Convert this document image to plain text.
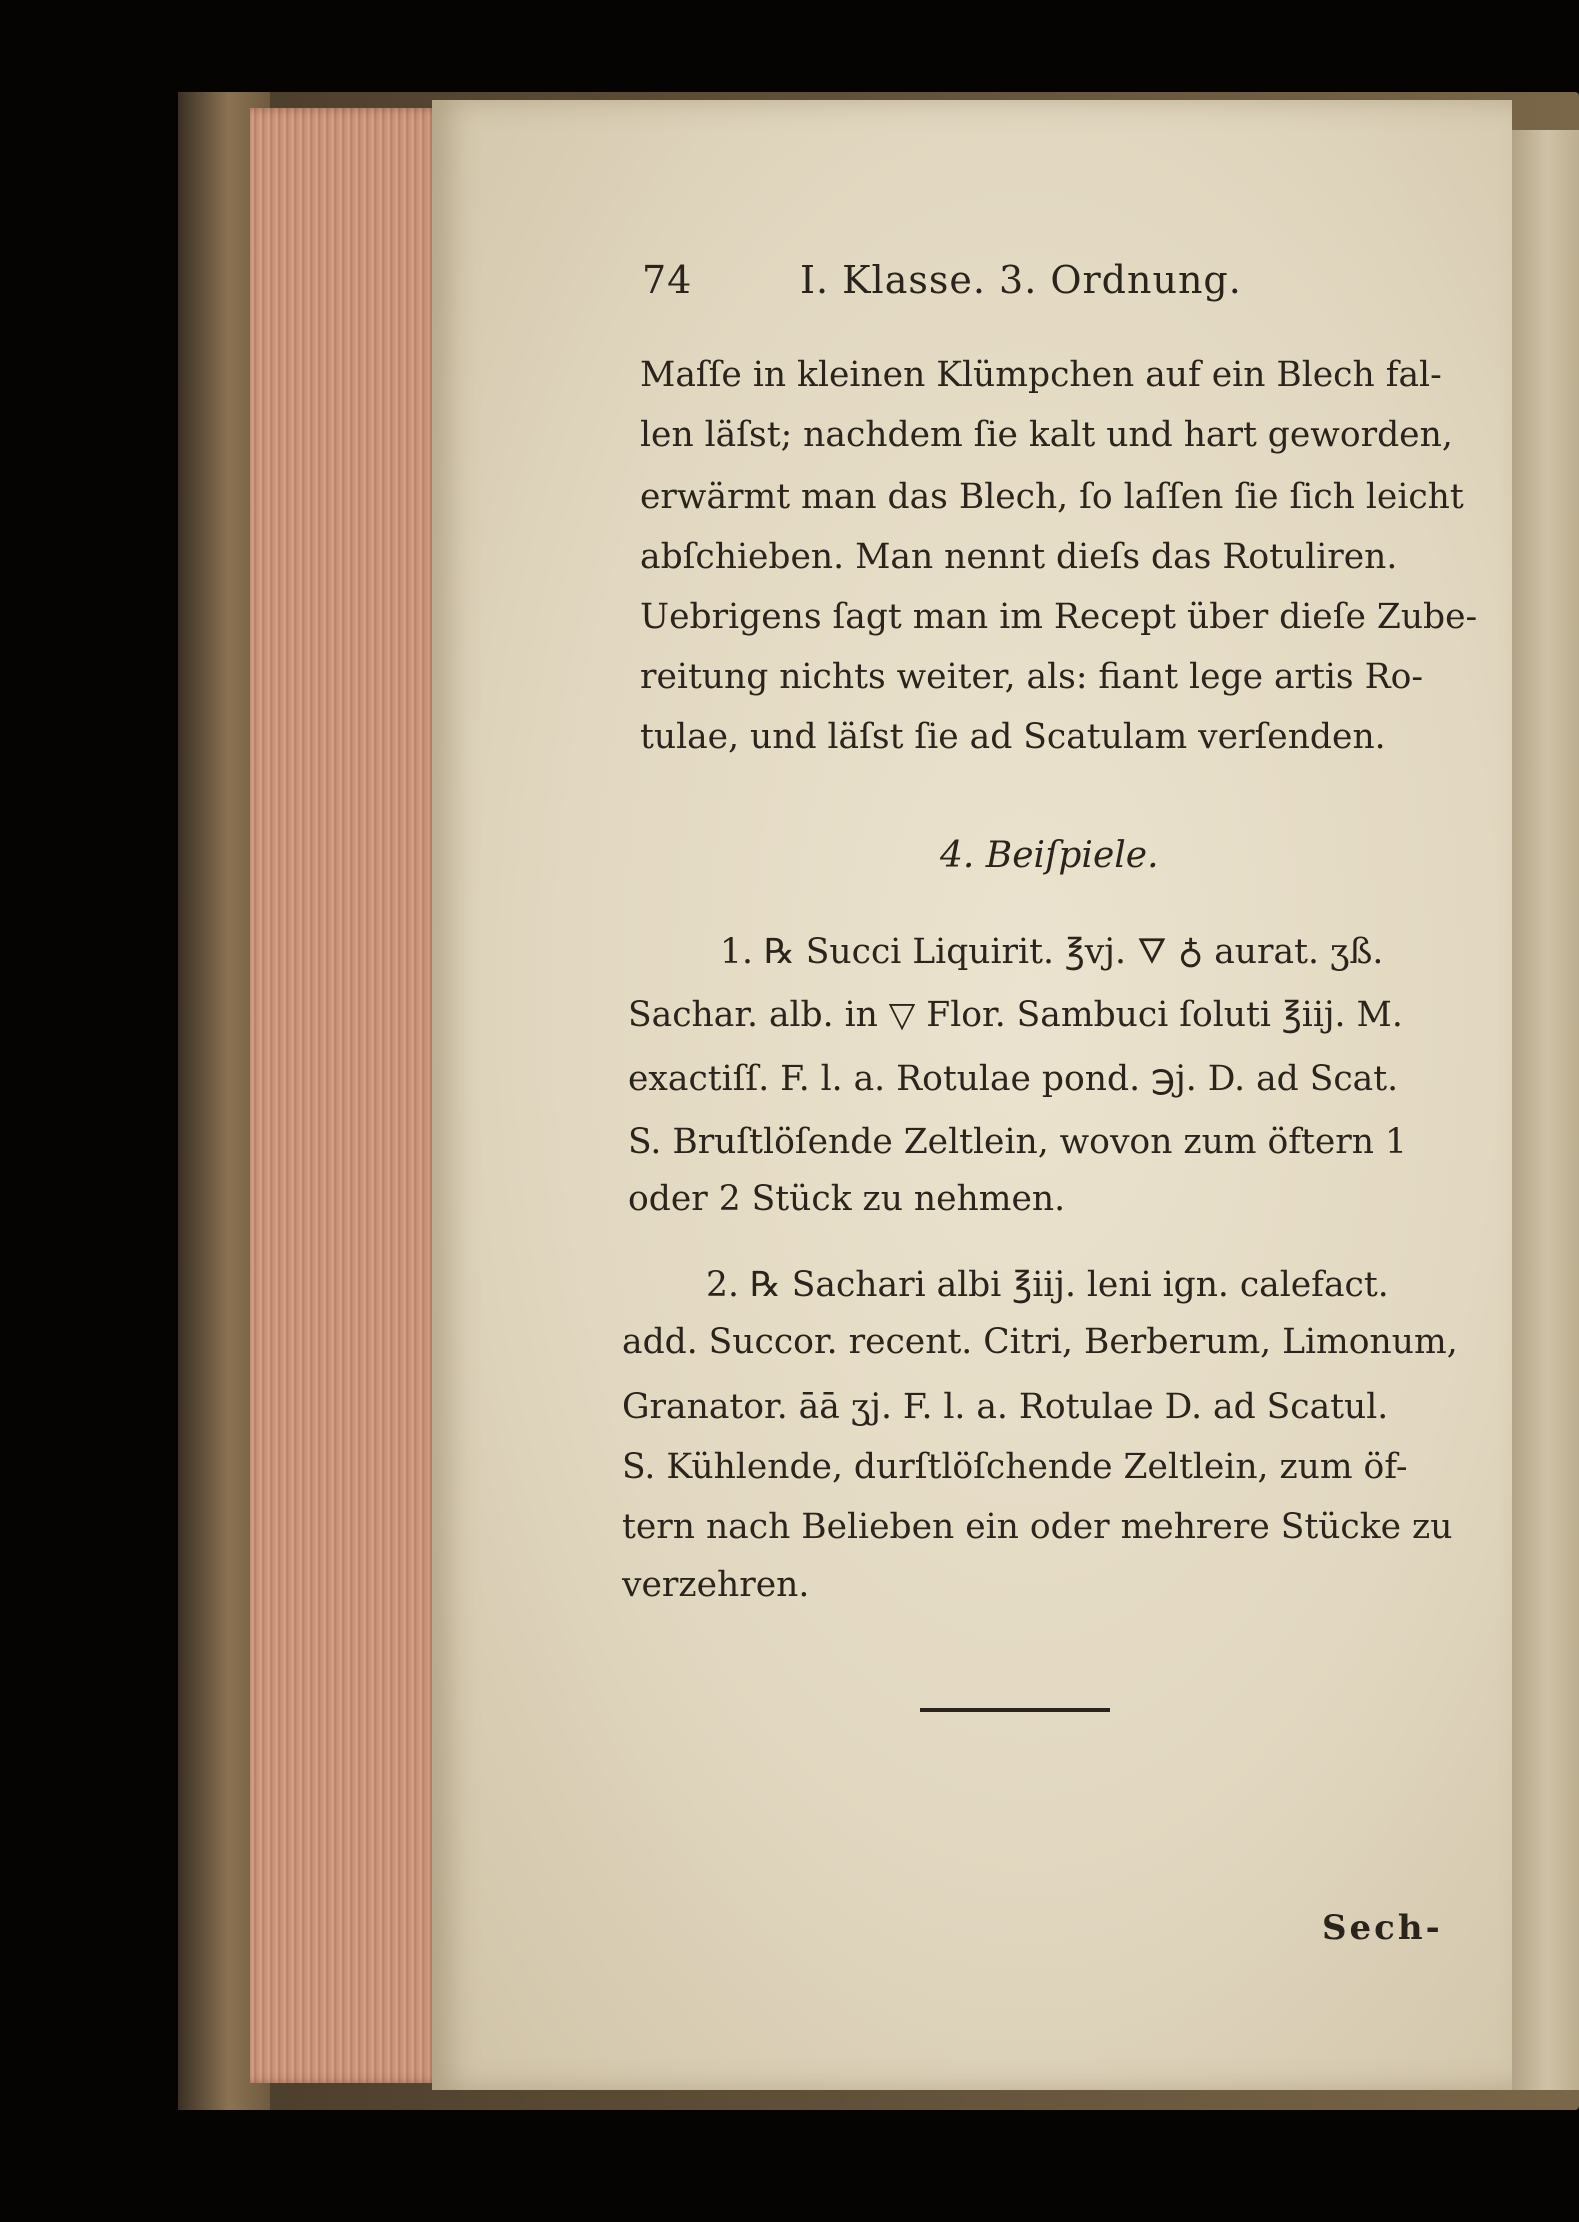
74	I. Klasse. 3. Ordnung.
Maſſe in kleinen Klümpchen auf ein Blech fal-
len läſst; nachdem ſie kalt und hart geworden,
erwärmt man das Blech, ſo laſſen ſie ſich leicht
abſchieben. Man nennt dieſs das Rotuliren.
Uebrigens ſagt man im Recept über dieſe Zube-
reitung nichts weiter, als: fiant lege artis Ro-
tulae, und läſst ſie ad Scatulam verſenden.
4. Beiſpiele.
1. ℞ Succi Liquirit. ℥vj. 🜄 ♁ aurat. ʒß.
Sachar. alb. in ▽ Flor. Sambuci ſoluti ℥iij. M.
exactiſſ. F. l. a. Rotulae pond. ℈j. D. ad Scat.
S. Bruſtlöſende Zeltlein, wovon zum öftern 1
oder 2 Stück zu nehmen.
2. ℞ Sachari albi ℥iij. leni ign. calefact.
add. Succor. recent. Citri, Berberum, Limonum,
Granator. āā ʒj. F. l. a. Rotulae D. ad Scatul.
S. Kühlende, durſtlöſchende Zeltlein, zum öf-
tern nach Belieben ein oder mehrere Stücke zu
verzehren.
Sech-
